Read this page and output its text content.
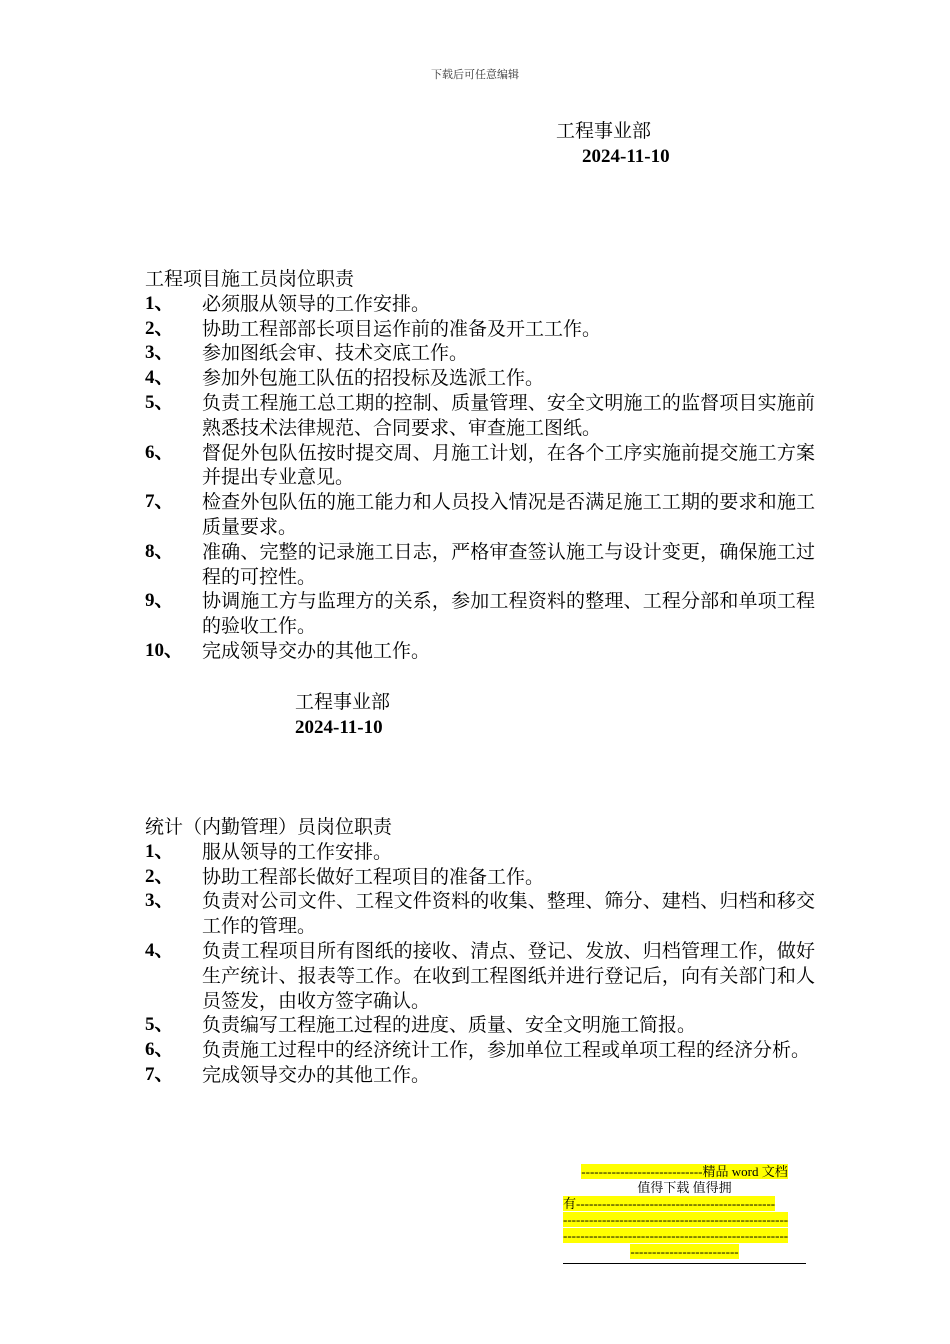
下载后可任意编辑
工程事业部
2024-11-10
工程项目施工员岗位职责
1、	必须服从领导的工作安排。
2、	协助工程部部长项目运作前的准备及开工工作。
3、	参加图纸会审、技术交底工作。
4、	参加外包施工队伍的招投标及选派工作。
5、	负责工程施工总工期的控制、质量管理、安全文明施工的监督项目实施前熟悉技术法律规范、合同要求、审查施工图纸。
6、	督促外包队伍按时提交周、月施工计划，在各个工序实施前提交施工方案并提出专业意见。
7、	检查外包队伍的施工能力和人员投入情况是否满足施工工期的要求和施工质量要求。
8、	准确、完整的记录施工日志，严格审查签认施工与设计变更，确保施工过程的可控性。
9、	协调施工方与监理方的关系，参加工程资料的整理、工程分部和单项工程的验收工作。
10、 完成领导交办的其他工作。
工程事业部
2024-11-10
统计（内勤管理）员岗位职责
1、	服从领导的工作安排。
2、	协助工程部长做好工程项目的准备工作。
3、	负责对公司文件、工程文件资料的收集、整理、筛分、建档、归档和移交工作的管理。
4、	负责工程项目所有图纸的接收、清点、登记、发放、归档管理工作，做好生产统计、报表等工作。在收到工程图纸并进行登记后，向有关部门和人员签发，由收方签字确认。
5、	负责编写工程施工过程的进度、质量、安全文明施工简报。
6、	负责施工过程中的经济统计工作，参加单位工程或单项工程的经济分析。
7、	完成领导交办的其他工作。
----------------------------精品 word 文档
值得下载 值得拥
有----------------------------------------------
----------------------------------------------------
----------------------------------------------------
-------------------------
